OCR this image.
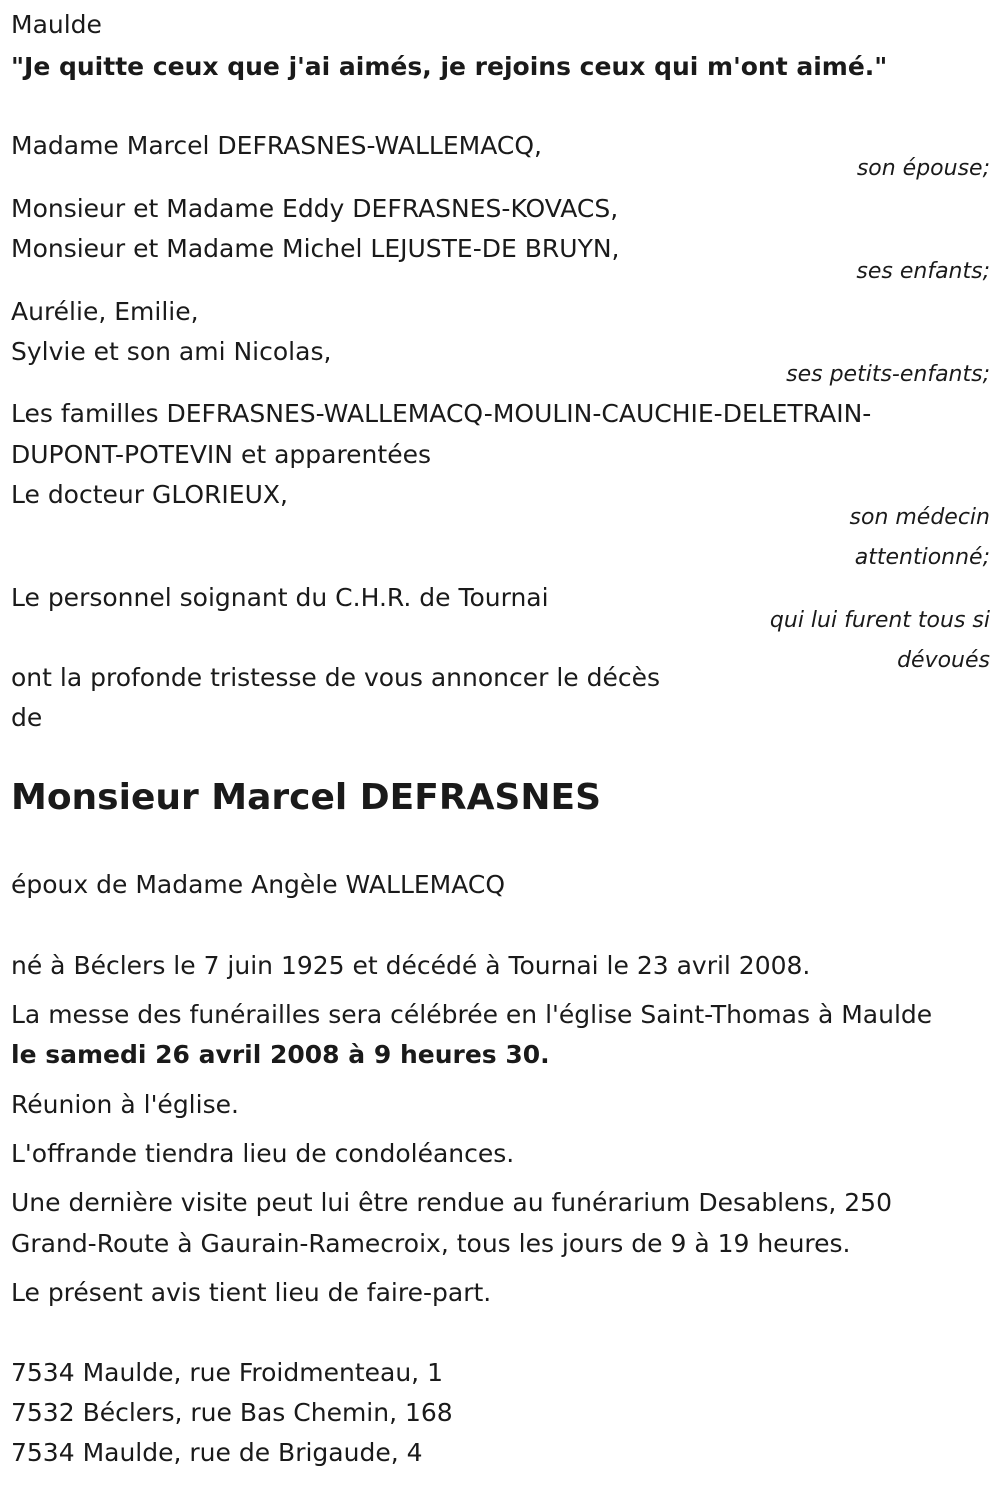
Maulde

"Je quitte ceux que j'ai aimés, je rejoins ceux qui m'ont aimé."

Madame Marcel DEFRASNES-WALLEMACQ,

son épouse;

Monsieur et Madame Eddy DEFRASNES-KOVACS,

Monsieur et Madame Michel LEJUSTE-DE BRUYN,

ses enfants;

Aurélie, Emilie,

Sylvie et son ami Nicolas,

ses petits-enfants;

Les familles DEFRASNES-WALLEMACQ-MOULIN-CAUCHIE-DELETRAIN-

DUPONT-POTEVIN et apparentées

Le docteur GLORIEUX,

son médecin

attentionné;

Le personnel soignant du C.H.R. de Tournai

qui lui furent tous si

dévoués

ont la profonde tristesse de vous annoncer le décès

de

Monsieur Marcel DEFRASNES

époux de Madame Angèle WALLEMACQ

né à Béclers le 7 juin 1925 et décédé à Tournai le 23 avril 2008.

La messe des funérailles sera célébrée en l'église Saint-Thomas à Maulde

le samedi 26 avril 2008 à 9 heures 30.

Réunion à l'église.

L'offrande tiendra lieu de condoléances.

Une dernière visite peut lui être rendue au funérarium Desablens, 250

Grand-Route à Gaurain-Ramecroix, tous les jours de 9 à 19 heures.

Le présent avis tient lieu de faire-part.

7534 Maulde, rue Froidmenteau, 1

7532 Béclers, rue Bas Chemin, 168

7534 Maulde, rue de Brigaude, 4
